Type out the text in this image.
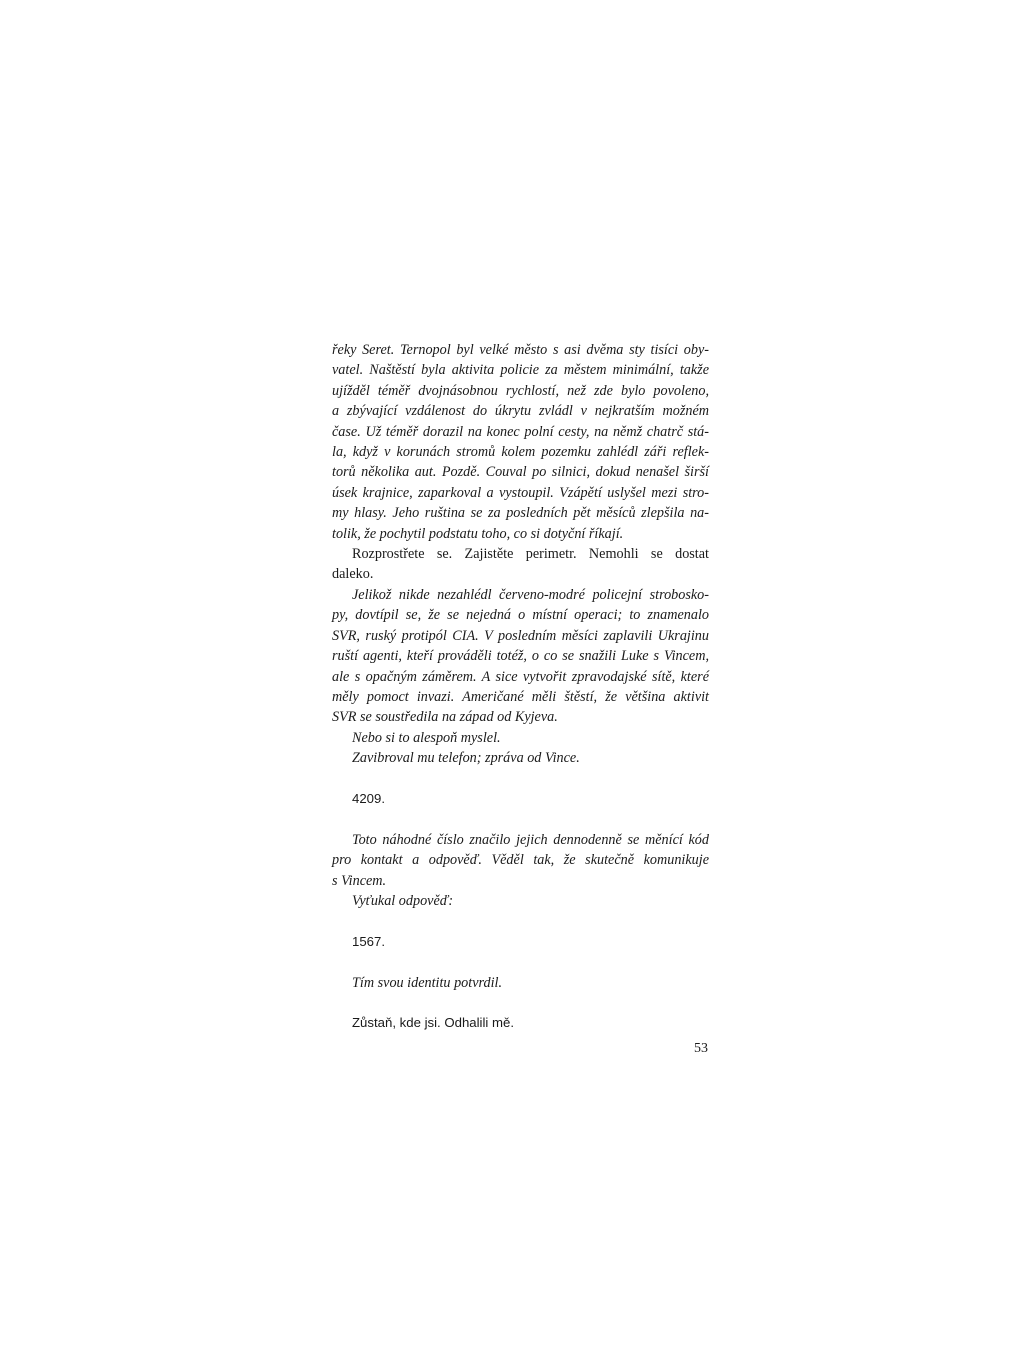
řeky Seret. Ternopol byl velké město s asi dvěma sty tisíci oby-
vatel. Naštěstí byla aktivita policie za městem minimální, takže
ujížděl téměř dvojnásobnou rychlostí, než zde bylo povoleno,
a zbývající vzdálenost do úkrytu zvládl v nejkratším možném
čase. Už téměř dorazil na konec polní cesty, na němž chatrč stá-
la, když v korunách stromů kolem pozemku zahlédl záři reflek-
torů několika aut. Pozdě. Couval po silnici, dokud nenašel širší
úsek krajnice, zaparkoval a vystoupil. Vzápětí uslyšel mezi stro-
my hlasy. Jeho ruština se za posledních pět měsíců zlepšila na-
tolik, že pochytil podstatu toho, co si dotyční říkají.
Rozprostřete se. Zajistěte perimetr. Nemohli se dostat
daleko.
Jelikož nikde nezahlédl červeno-modré policejní strobosko-
py, dovtípil se, že se nejedná o místní operaci; to znamenalo
SVR, ruský protipól CIA. V posledním měsíci zaplavili Ukrajinu
ruští agenti, kteří prováděli totéž, o co se snažili Luke s Vincem,
ale s opačným záměrem. A sice vytvořit zpravodajské sítě, které
měly pomoct invazi. Američané měli štěstí, že většina aktivit
SVR se soustředila na západ od Kyjeva.
Nebo si to alespoň myslel.
Zavibroval mu telefon; zpráva od Vince.
4209.
Toto náhodné číslo značilo jejich dennodenně se měnící kód
pro kontakt a odpověď. Věděl tak, že skutečně komunikuje
s Vincem.
Vyťukal odpověď:
1567.
Tím svou identitu potvrdil.
Zůstaň, kde jsi. Odhalili mě.
53
